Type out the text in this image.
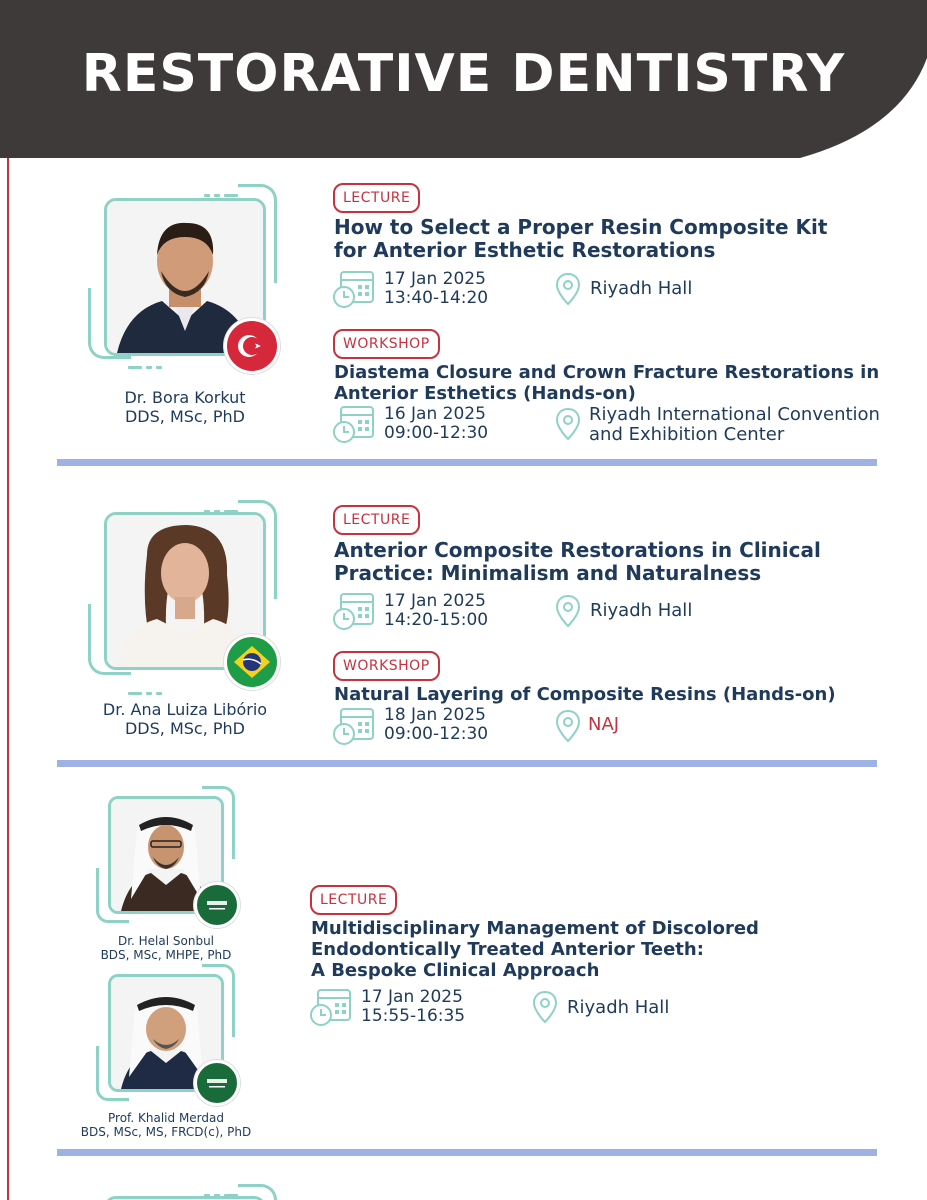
RESTORATIVE DENTISTRY
Dr. Bora Korkut
DDS, MSc, PhD
LECTURE
How to Select a Proper Resin Composite Kit
for Anterior Esthetic Restorations
17 Jan 2025
13:40-14:20	Riyadh Hall
WORKSHOP
Diastema Closure and Crown Fracture Restorations in
Anterior Esthetics (Hands-on)
16 Jan 2025
09:00-12:30
Riyadh International Convention
and Exhibition Center
Dr. Ana Luiza Libório
DDS, MSc, PhD
LECTURE
Anterior Composite Restorations in Clinical
Practice: Minimalism and Naturalness
17 Jan 2025
14:20-15:00	Riyadh Hall
WORKSHOP
Natural Layering of Composite Resins (Hands-on)
18 Jan 2025
09:00-12:30	NAJ
Dr. Helal Sonbul
BDS, MSc, MHPE, PhD
Prof. Khalid Merdad
BDS, MSc, MS, FRCD(c), PhD
LECTURE
Multidisciplinary Management of Discolored
Endodontically Treated Anterior Teeth:
A Bespoke Clinical Approach
17 Jan 2025
15:55-16:35	Riyadh Hall
